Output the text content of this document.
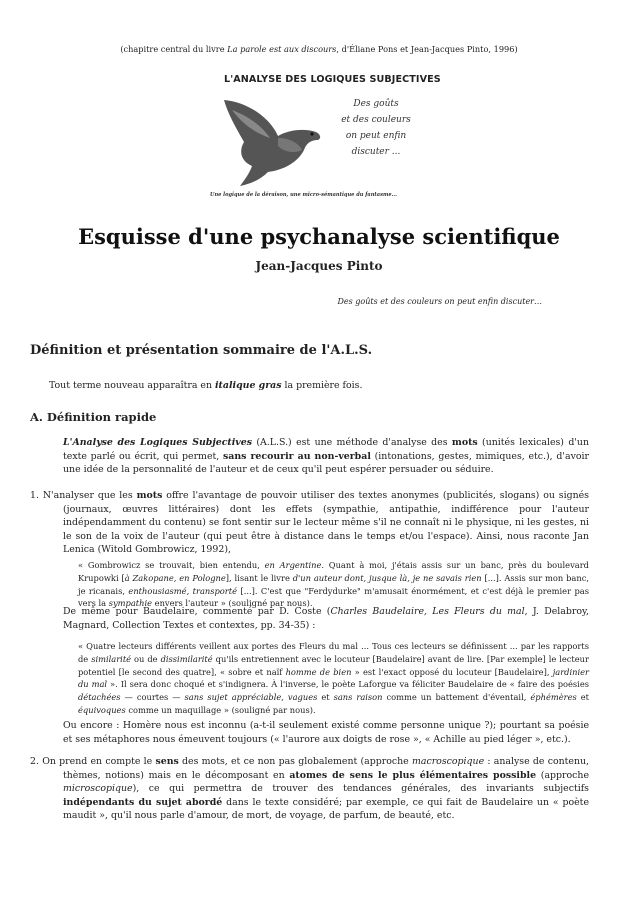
(chapitre central du livre La parole est aux discours, d'Éliane Pons et Jean-Jacques Pinto, 1996)
L'ANALYSE DES LOGIQUES SUBJECTIVES
Des goûts
et des couleurs
on peut enfin
discuter ...
Une logique de la déraison, une micro-sémantique du fantasme...
Esquisse d'une psychanalyse scientifique
Jean-Jacques Pinto
Des goûts et des couleurs on peut enfin discuter…
Définition et présentation sommaire de l'A.L.S.
Tout terme nouveau apparaîtra en italique gras la première fois.
A. Définition rapide
L'Analyse des Logiques Subjectives (A.L.S.) est une méthode d'analyse des mots (unités lexicales) d'un texte parlé ou écrit, qui permet, sans recourir au non-verbal (intonations, gestes, mimiques, etc.), d'avoir une idée de la personnalité de l'auteur et de ceux qu'il peut espérer persuader ou séduire.
1. N'analyser que les mots offre l'avantage de pouvoir utiliser des textes anonymes (publicités, slogans) ou signés (journaux, œuvres littéraires) dont les effets (sympathie, antipathie, indifférence pour l'auteur indépendamment du contenu) se font sentir sur le lecteur même s'il ne connaît ni le physique, ni les gestes, ni le son de la voix de l'auteur (qui peut être à distance dans le temps et/ou l'espace). Ainsi, nous raconte Jan Lenica (Witold Gombrowicz, 1992),
« Gombrowicz se trouvait, bien entendu, en Argentine. Quant à moi, j'étais assis sur un banc, près du boulevard Krupowki [à Zakopane, en Pologne], lisant le livre d'un auteur dont, jusque là, je ne savais rien [...]. Assis sur mon banc, je ricanais, enthousiasmé, transporté [...]. C'est que "Ferdydurke" m'amusait énormément, et c'est déjà le premier pas vers la sympathie envers l'auteur » (souligné par nous).
De même pour Baudelaire, commenté par D. Coste (Charles Baudelaire, Les Fleurs du mal, J. Delabroy, Magnard, Collection Textes et contextes, pp. 34-35) :
« Quatre lecteurs différents veillent aux portes des Fleurs du mal ... Tous ces lecteurs se définissent ... par les rapports de similarité ou de dissimilarité qu'ils entretiennent avec le locuteur [Baudelaire] avant de lire. [Par exemple] le lecteur potentiel [le second des quatre], « sobre et naïf homme de bien » est l'exact opposé du locuteur [Baudelaire], jardinier du mal ». Il sera donc choqué et s'indignera. À l'inverse, le poète Laforgue va féliciter Baudelaire de « faire des poésies détachées — courtes — sans sujet appréciable, vagues et sans raison comme un battement d'éventail, éphémères et équivoques comme un maquillage » (souligné par nous).
Ou encore : Homère nous est inconnu (a-t-il seulement existé comme personne unique ?); pourtant sa poésie et ses métaphores nous émeuvent toujours (« l'aurore aux doigts de rose », « Achille au pied léger », etc.).
2. On prend en compte le sens des mots, et ce non pas globalement (approche macroscopique : analyse de contenu, thèmes, notions) mais en le décomposant en atomes de sens le plus élémentaires possible (approche microscopique), ce qui permettra de trouver des tendances générales, des invariants subjectifs indépendants du sujet abordé dans le texte considéré; par exemple, ce qui fait de Baudelaire un « poète maudit », qu'il nous parle d'amour, de mort, de voyage, de parfum, de beauté, etc.
